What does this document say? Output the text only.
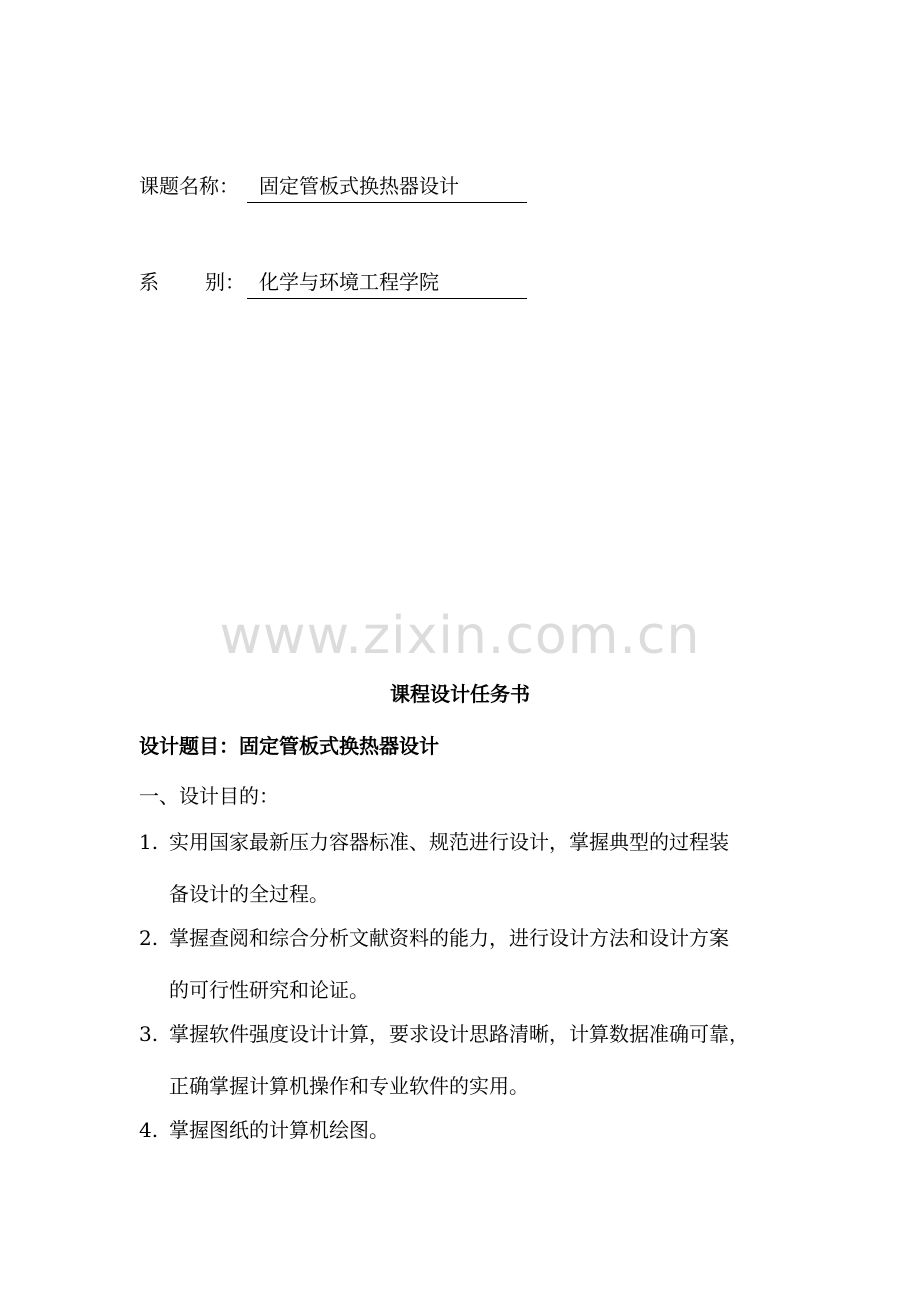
课题名称：	固定管板式换热器设计
系 别： 化学与环境工程学院
www.zixin.com.cn
课程设计任务书
设计题目：固定管板式换热器设计
一、设计目的：
1. 实用国家最新压力容器标准、规范进行设计，掌握典型的过程装
备设计的全过程。
2. 掌握查阅和综合分析文献资料的能力，进行设计方法和设计方案
的可行性研究和论证。
3. 掌握软件强度设计计算，要求设计思路清晰，计算数据准确可靠，
正确掌握计算机操作和专业软件的实用。
4. 掌握图纸的计算机绘图。
